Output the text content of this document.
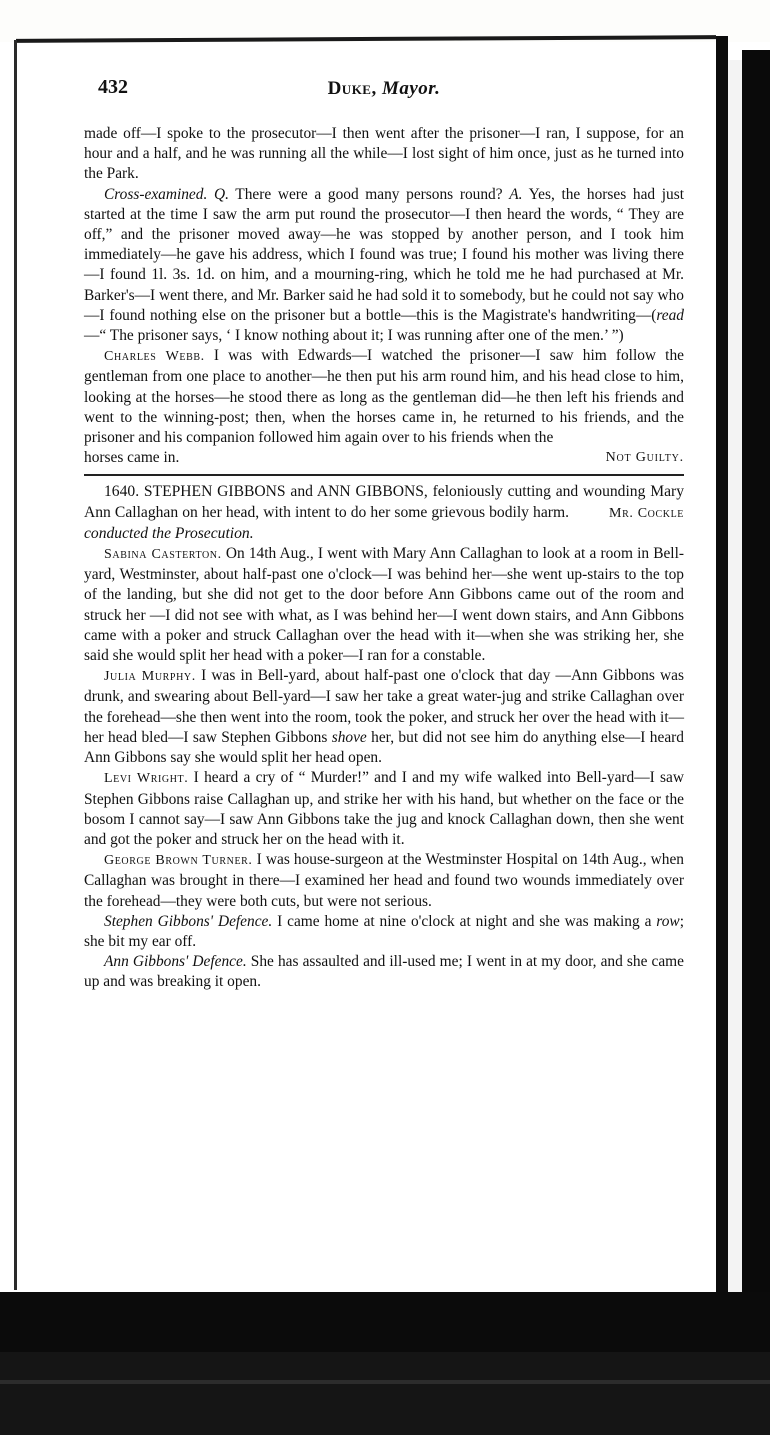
432	Duke, Mayor.

made off—I spoke to the prosecutor—I then went after the prisoner—I ran, I suppose, for an hour and a half, and he was running all the while—I lost sight of him once, just as he turned into the Park.

Cross-examined. Q. There were a good many persons round? A. Yes, the horses had just started at the time I saw the arm put round the prosecutor—I then heard the words, “ They are off,” and the prisoner moved away—he was stopped by another person, and I took him immediately—he gave his address, which I found was true; I found his mother was living there—I found 1l. 3s. 1d. on him, and a mourning-ring, which he told me he had purchased at Mr. Barker's—I went there, and Mr. Barker said he had sold it to somebody, but he could not say who—I found nothing else on the prisoner but a bottle—this is the Magistrate's handwriting—(read—“ The prisoner says, ‘ I know nothing about it; I was running after one of the men.’ ”)

Charles Webb. I was with Edwards—I watched the prisoner—I saw him follow the gentleman from one place to another—he then put his arm round him, and his head close to him, looking at the horses—he stood there as long as the gentleman did—he then left his friends and went to the winning-post; then, when the horses came in, he returned to his friends, and the prisoner and his companion followed him again over to his friends when the

horses came in.	Not Guilty.

1640. STEPHEN GIBBONS and ANN GIBBONS, feloniously cutting and wounding Mary Ann Callaghan on her head, with intent to do her some grievous bodily harm.	Mr. Cockle conducted the Prosecution.

Sabina Casterton. On 14th Aug., I went with Mary Ann Callaghan to look at a room in Bell-yard, Westminster, about half-past one o'clock—I was behind her—she went up-stairs to the top of the landing, but she did not get to the door before Ann Gibbons came out of the room and struck her —I did not see with what, as I was behind her—I went down stairs, and Ann Gibbons came with a poker and struck Callaghan over the head with it—when she was striking her, she said she would split her head with a poker—I ran for a constable.

Julia Murphy. I was in Bell-yard, about half-past one o'clock that day —Ann Gibbons was drunk, and swearing about Bell-yard—I saw her take a great water-jug and strike Callaghan over the forehead—she then went into the room, took the poker, and struck her over the head with it—her head bled—I saw Stephen Gibbons shove her, but did not see him do anything else—I heard Ann Gibbons say she would split her head open.

Levi Wright. I heard a cry of “ Murder!” and I and my wife walked into Bell-yard—I saw Stephen Gibbons raise Callaghan up, and strike her with his hand, but whether on the face or the bosom I cannot say—I saw Ann Gibbons take the jug and knock Callaghan down, then she went and got the poker and struck her on the head with it.

George Brown Turner. I was house-surgeon at the Westminster Hospital on 14th Aug., when Callaghan was brought in there—I examined her head and found two wounds immediately over the forehead—they were both cuts, but were not serious.

Stephen Gibbons' Defence. I came home at nine o'clock at night and she was making a row; she bit my ear off.

Ann Gibbons' Defence. She has assaulted and ill-used me; I went in at my door, and she came up and was breaking it open.
